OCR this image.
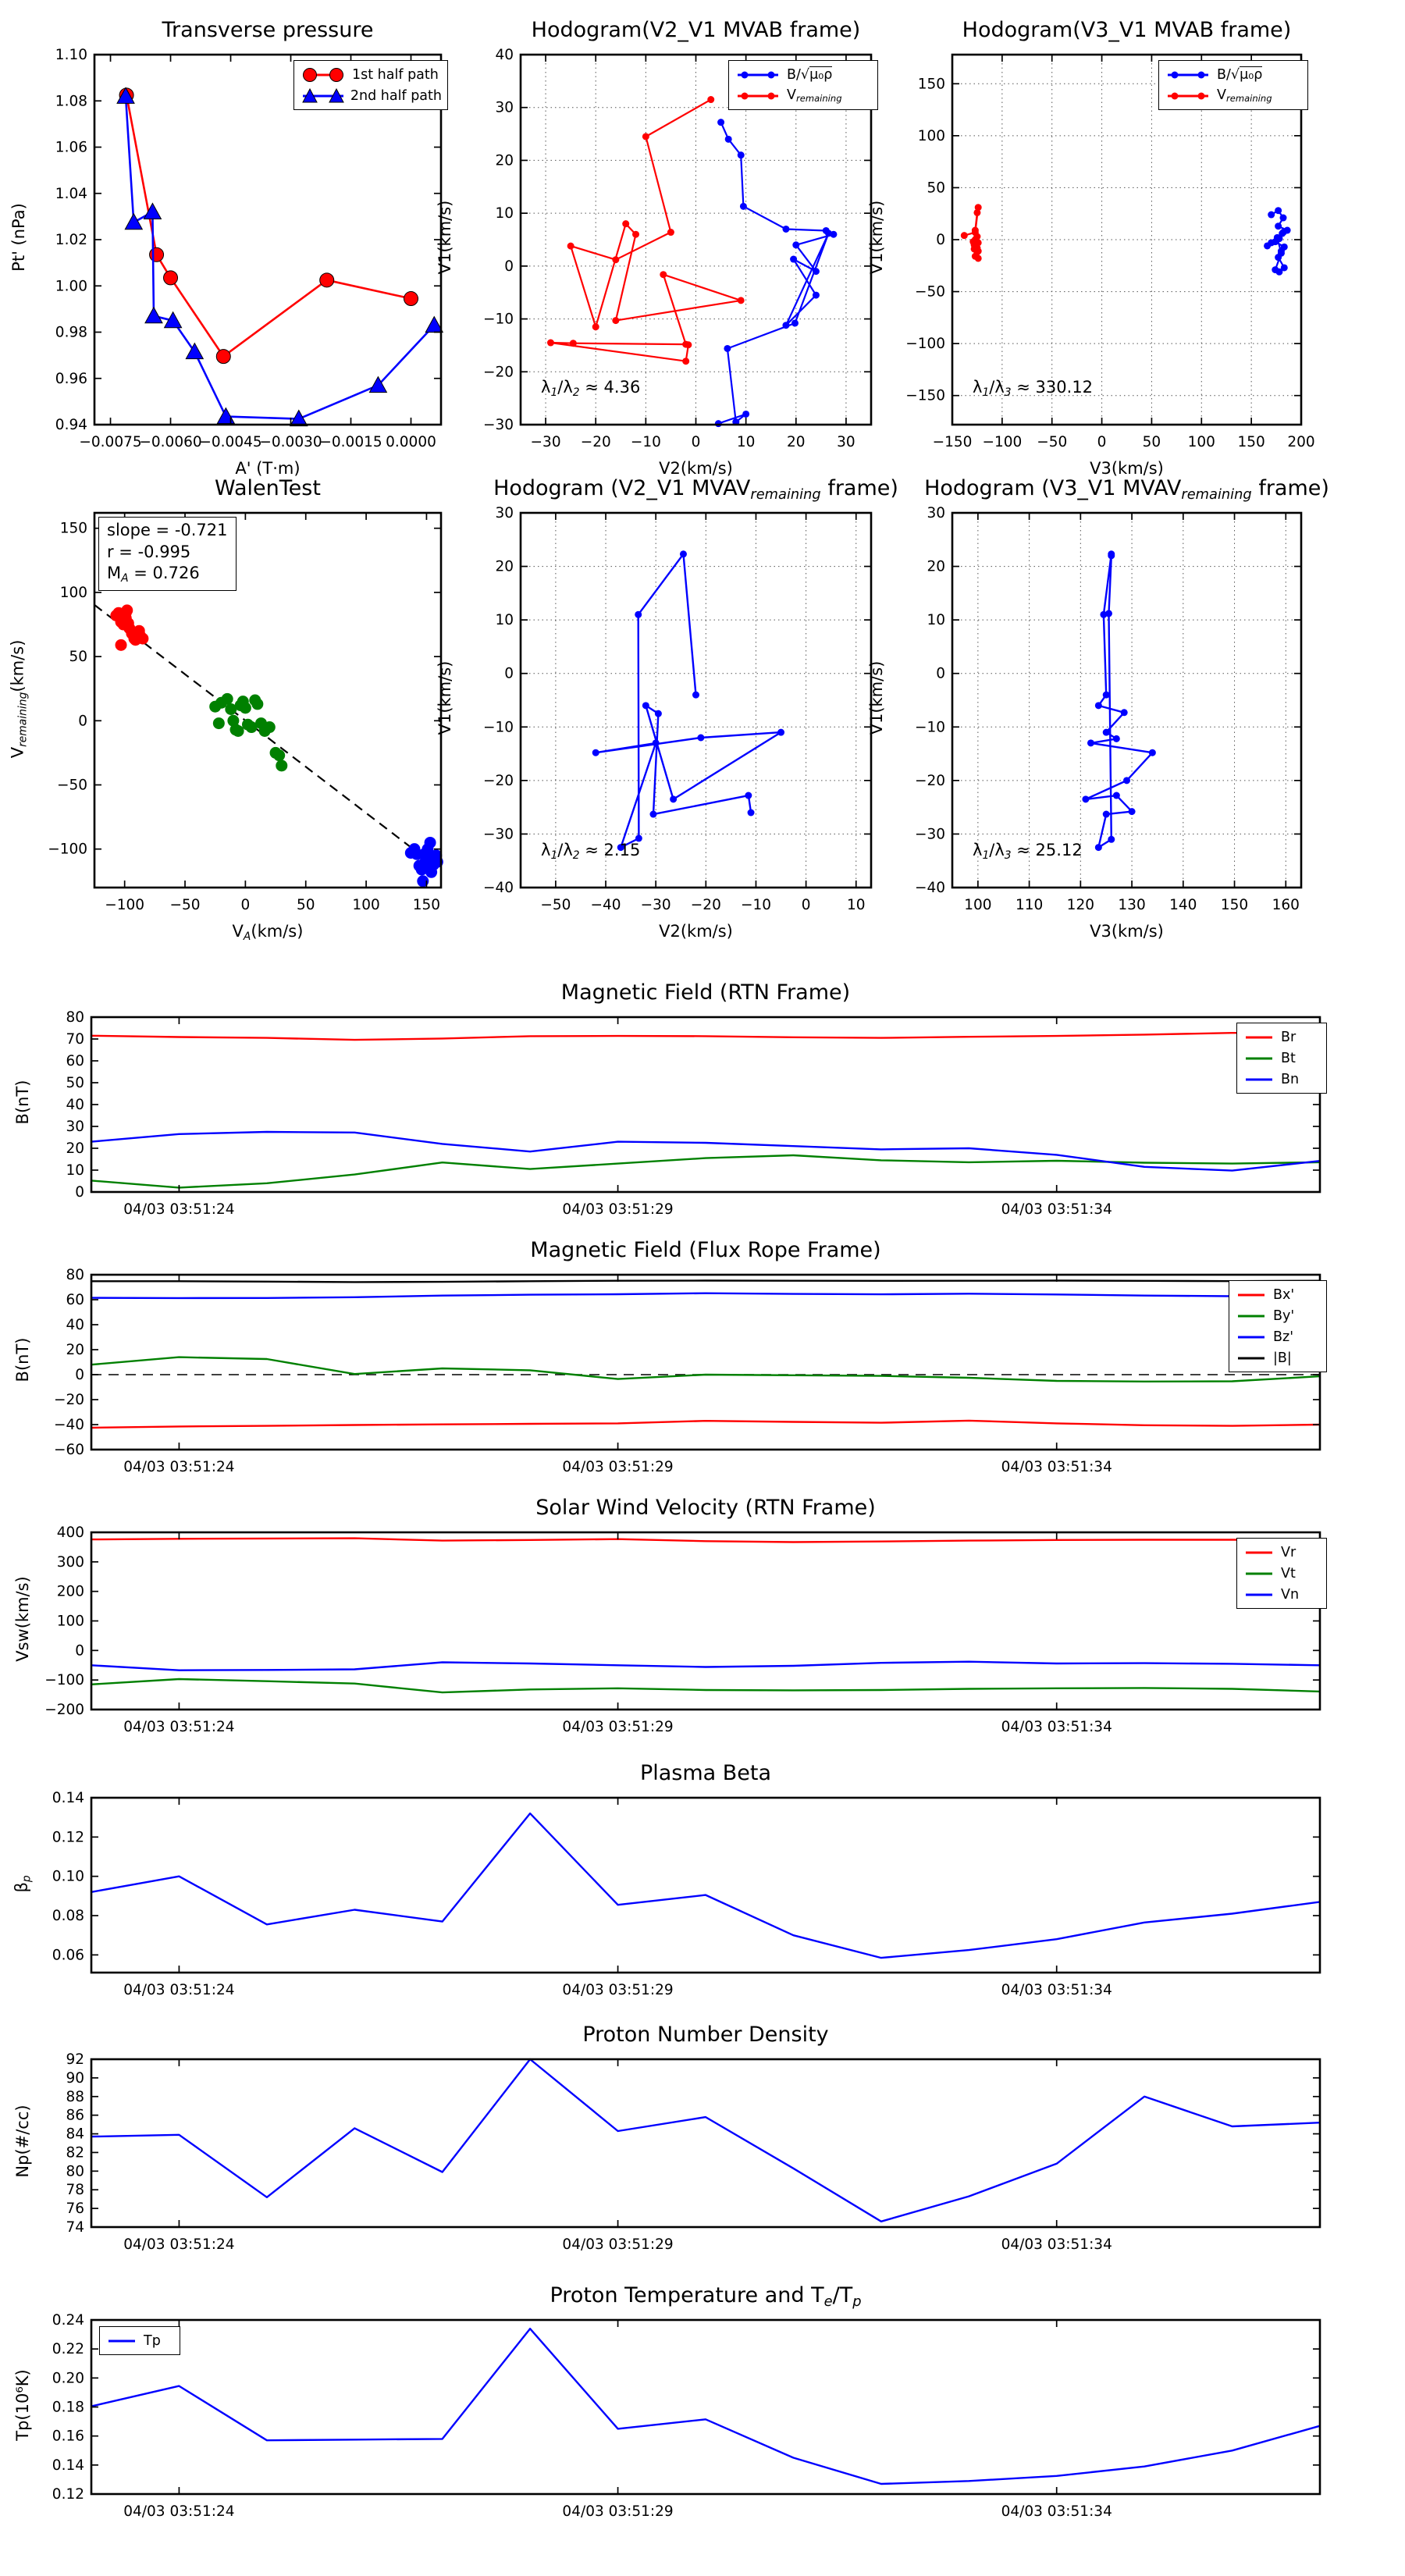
−0.0075
−0.0060
−0.0045
−0.0030
−0.0015 0.0000
0.94
0.96
0.98
1.00
1.02
1.04
1.06
1.08
1.10
−30 −20 −10 0	10 20 30
−30
−20
−10
0
10
20
30
40
−150 −100 −50 0 50 100 150 200
−150
−100
−50
0
50
100
150
−100 −50	0	50	100 150
−100
−50
0
50
100
150
−50 −40 −30 −20 −10 0	10
−40
−30
−20
−10
0
10
20
30
100 110 120 130 140 150 160
−40
−30
−20
−10
0
10
20
30
04/03 03:51:24	04/03 03:51:29	04/03 03:51:34
0
10
20
30
40
50
60
70
80
04/03 03:51:24	04/03 03:51:29	04/03 03:51:34
−60
−40
−20
0
20
40
60
80
04/03 03:51:24	04/03 03:51:29	04/03 03:51:34
−200
−100
0
100
200
300
400
04/03 03:51:24	04/03 03:51:29	04/03 03:51:34
0.06
0.08
0.10
0.12
0.14
04/03 03:51:24	04/03 03:51:29	04/03 03:51:34
74
76
78
80
82
84
86
88
90
92
04/03 03:51:24	04/03 03:51:29	04/03 03:51:34
0.12
0.14
0.16
0.18
0.20
0.22
0.24
Transverse pressure
A' (T·m)
Pt' (nPa)
1st half path
2nd half path
Hodogram(V2_V1 MVAB frame)
V2(km/s)
V1(km/s)
$\lambda_1/\lambda_2 \approx 4.36$
B/√μ₀ρ
$V_{remaining}$
Hodogram(V3_V1 MVAB frame)
V3(km/s)
V1(km/s)
$\lambda_1/\lambda_3 \approx 330.12$
B/√μ₀ρ
$V_{remaining}$
WalenTest
$V_A(km/s)$
$V_{remaining}(km/s)$
slope = -0.721
r = -0.995
$M_A = 0.726$
Hodogram (V2_V1 $MVAV_{remaining}$ frame)
V2(km/s)
V1(km/s)
$\lambda_1/\lambda_2 \approx 2.15$
Hodogram (V3_V1 $MVAV_{remaining}$ frame)
V3(km/s)
V1(km/s)
$\lambda_1/\lambda_3 \approx 25.12$
Magnetic Field (RTN Frame)
B(nT)
Br
Bt
Bn
Magnetic Field (Flux Rope Frame)
B(nT)
Bx'
By'
Bz'
|B|
Solar Wind Velocity (RTN Frame)
Vsw(km/s)
Vr
Vt
Vn
Plasma Beta
$\beta_p$
Proton Number Density
Np(#/cc)
Proton Temperature and $T_e/T_p$
Tp(10⁶K)
Tp
